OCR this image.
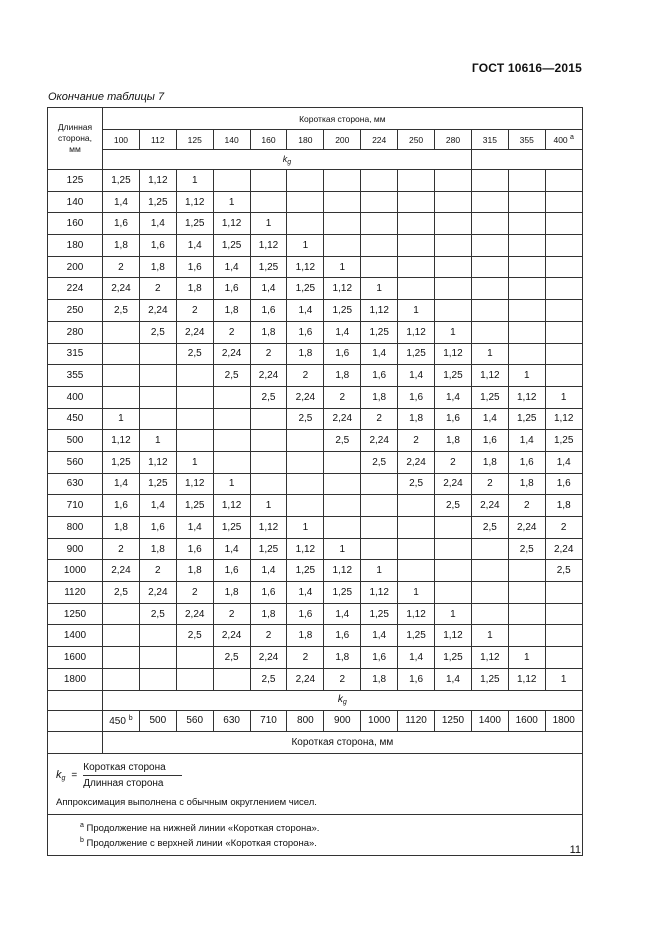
ГОСТ 10616—2015
Окончание таблицы 7
Длинная
сторона,
мм	Короткая сторона, мм												
	100	112	125	140	160	180	200	224	250	280	315	355	400 $^а$
	$k_g$	
125	1,25	1,12	1										
140	1,4	1,25	1,12	1									
160	1,6	1,4	1,25	1,12	1								
180	1,8	1,6	1,4	1,25	1,12	1							
200	2	1,8	1,6	1,4	1,25	1,12	1						
224	2,24	2	1,8	1,6	1,4	1,25	1,12	1					
250	2,5	2,24	2	1,8	1,6	1,4	1,25	1,12	1				
280		2,5	2,24	2	1,8	1,6	1,4	1,25	1,12	1			
315			2,5	2,24	2	1,8	1,6	1,4	1,25	1,12	1		
355				2,5	2,24	2	1,8	1,6	1,4	1,25	1,12	1	
400					2,5	2,24	2	1,8	1,6	1,4	1,25	1,12	1
450	1					2,5	2,24	2	1,8	1,6	1,4	1,25	1,12
500	1,12	1					2,5	2,24	2	1,8	1,6	1,4	1,25
560	1,25	1,12	1					2,5	2,24	2	1,8	1,6	1,4
630	1,4	1,25	1,12	1					2,5	2,24	2	1,8	1,6
710	1,6	1,4	1,25	1,12	1					2,5	2,24	2	1,8
800	1,8	1,6	1,4	1,25	1,12	1					2,5	2,24	2
900	2	1,8	1,6	1,4	1,25	1,12	1					2,5	2,24
1000	2,24	2	1,8	1,6	1,4	1,25	1,12	1					2,5
1120	2,5	2,24	2	1,8	1,6	1,4	1,25	1,12	1				
1250		2,5	2,24	2	1,8	1,6	1,4	1,25	1,12	1			
1400			2,5	2,24	2	1,8	1,6	1,4	1,25	1,12	1		
1600				2,5	2,24	2	1,8	1,6	1,4	1,25	1,12	1	
1800					2,5	2,24	2	1,8	1,6	1,4	1,25	1,12	1
	$k_g$
	450 $^b$	500	560	630	710	800	900	1000	1120	1250	1400	1600	1800
	Короткая сторона, мм												

$k_g = \frac{\text{Короткая сторона}}{\text{Длинная сторона}}$
Аппроксимация выполнена с обычным округлением чисел.													

$^а$ Продолжение на нижней линии «Короткая сторона».
$^b$ Продолжение с верхней линии «Короткая сторона».													
11
